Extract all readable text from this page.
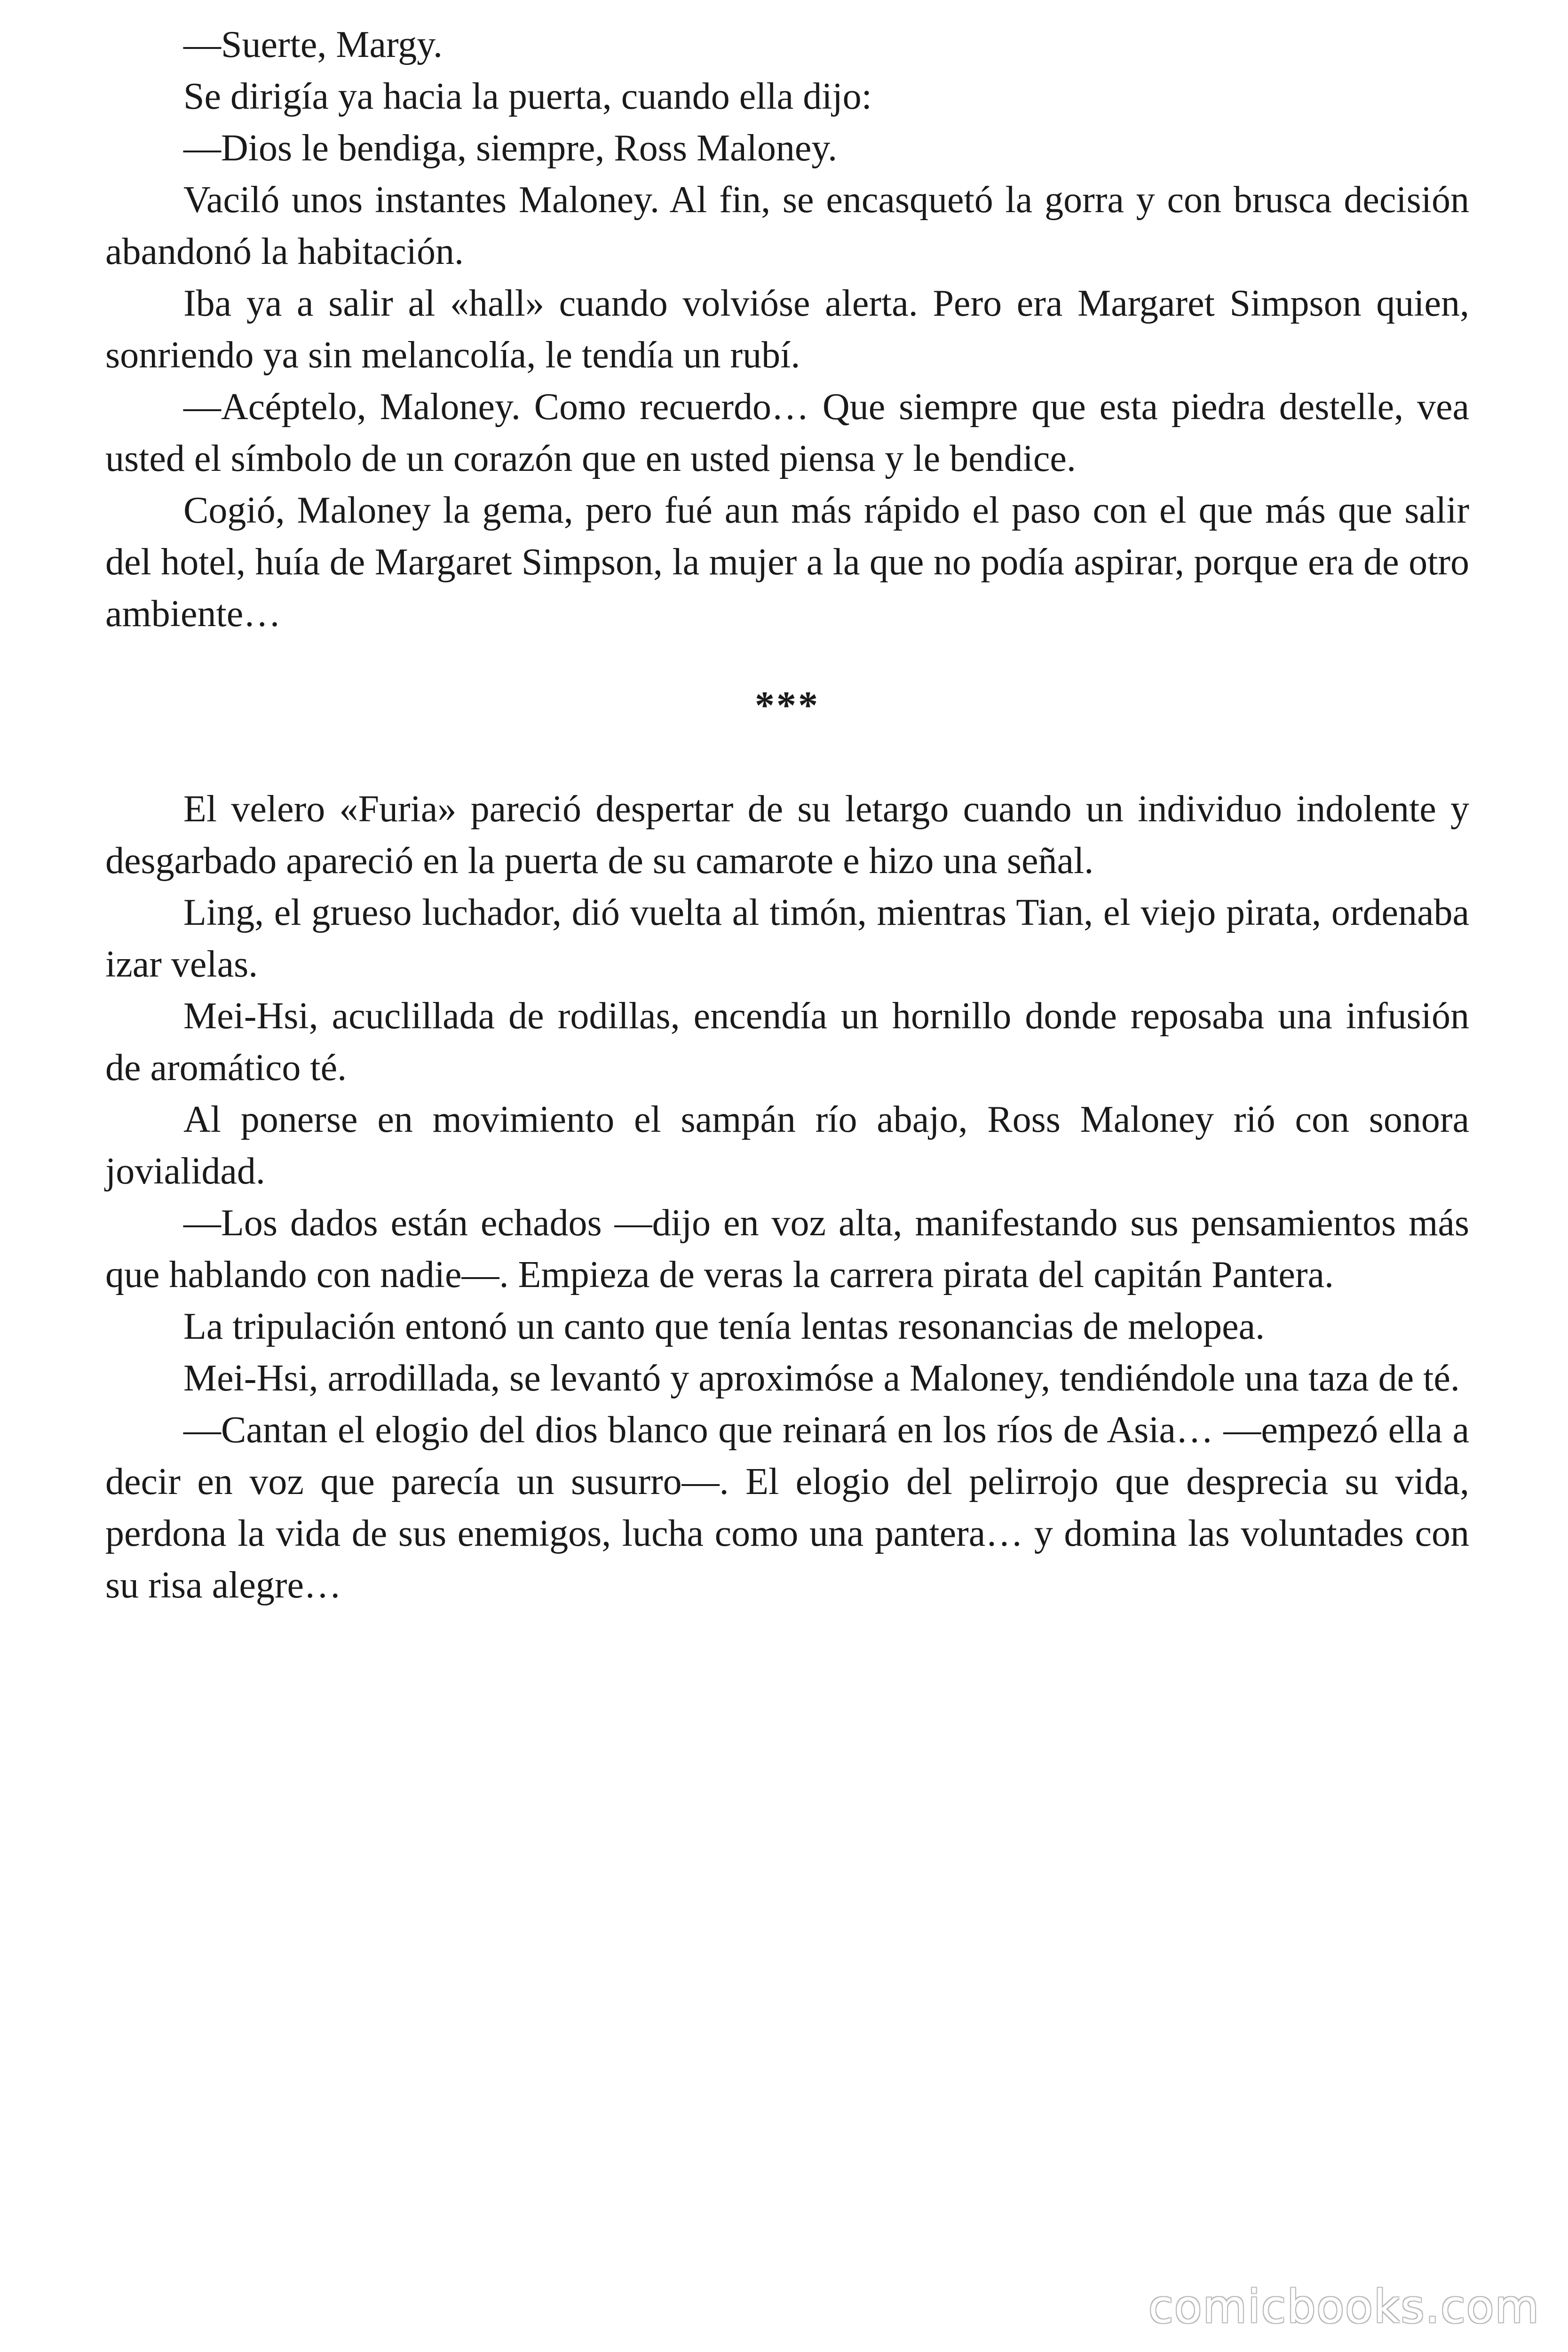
—Suerte, Margy.

Se dirigía ya hacia la puerta, cuando ella dijo:

—Dios le bendiga, siempre, Ross Maloney.

Vaciló unos instantes Maloney. Al fin, se encasquetó la gorra y con brusca decisión abandonó la habitación.

Iba ya a salir al «hall» cuando volvióse alerta. Pero era Margaret Simpson quien, sonriendo ya sin melancolía, le tendía un rubí.

—Acéptelo, Maloney. Como recuerdo… Que siempre que esta piedra destelle, vea usted el símbolo de un corazón que en usted piensa y le bendice.

Cogió, Maloney la gema, pero fué aun más rápido el paso con el que más que salir del hotel, huía de Margaret Simpson, la mujer a la que no podía aspirar, porque era de otro ambiente…

***

El velero «Furia» pareció despertar de su letargo cuando un individuo indolente y desgarbado apareció en la puerta de su camarote e hizo una señal.

Ling, el grueso luchador, dió vuelta al timón, mientras Tian, el viejo pirata, ordenaba izar velas.

Mei-Hsi, acuclillada de rodillas, encendía un hornillo donde reposaba una infusión de aromático té.

Al ponerse en movimiento el sampán río abajo, Ross Maloney rió con sonora jovialidad.

—Los dados están echados —dijo en voz alta, manifestando sus pensamientos más que hablando con nadie—. Empieza de veras la carrera pirata del capitán Pantera.

La tripulación entonó un canto que tenía lentas resonancias de melopea.

Mei-Hsi, arrodillada, se levantó y aproximóse a Maloney, tendiéndole una taza de té.

—Cantan el elogio del dios blanco que reinará en los ríos de Asia… —empezó ella a decir en voz que parecía un susurro—. El elogio del pelirrojo que desprecia su vida, perdona la vida de sus enemigos, lucha como una pantera… y domina las voluntades con su risa alegre…

comicbooks.com
